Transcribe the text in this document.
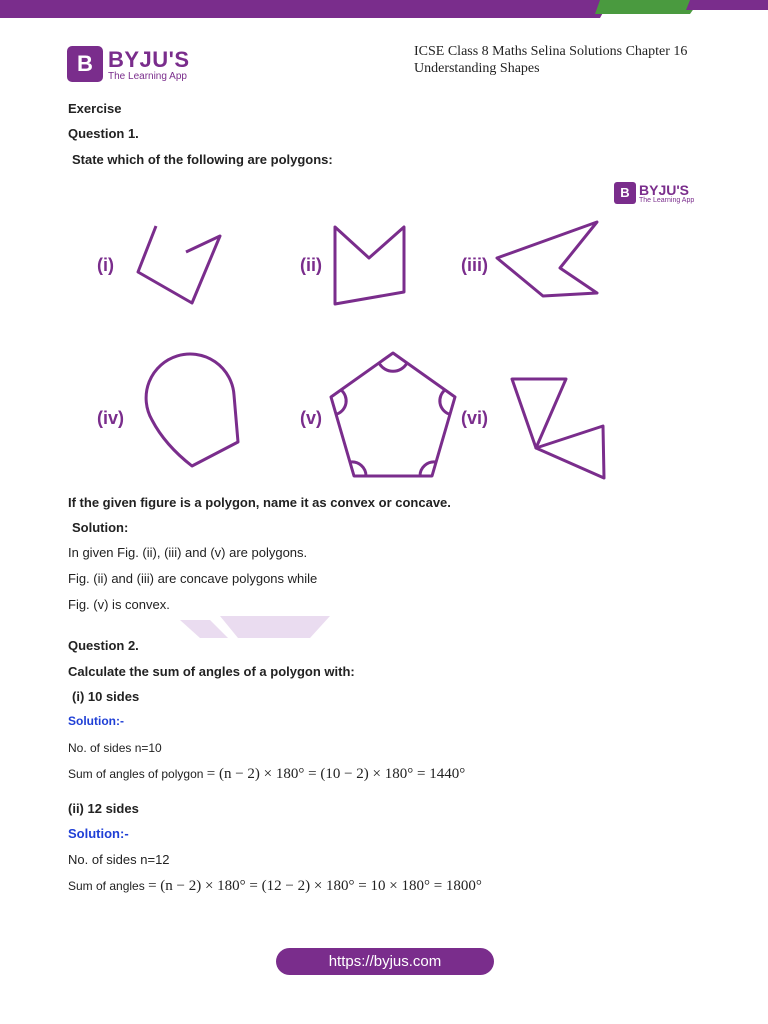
B BYJU'S
The Learning App
ICSE Class 8 Maths Selina Solutions Chapter 16
Understanding Shapes
Exercise
Question 1.
State which of the following are polygons:
B BYJU'S
The Learning App
(i)	(ii)	(iii)
(iv)	(v)	(vi)
If the given figure is a polygon, name it as convex or concave.
Solution:
In given Fig. (ii), (iii) and (v) are polygons.
Fig. (ii) and (iii) are concave polygons while
Fig. (v) is convex.
Question 2.
Calculate the sum of angles of a polygon with:
(i) 10 sides
Solution:-
No. of sides n=10
Sum of angles of polygon = (n − 2) × 180° = (10 − 2) × 180° = 1440°
(ii) 12 sides
Solution:-
No. of sides n=12
Sum of angles = (n − 2) × 180° = (12 − 2) × 180° = 10 × 180° = 1800°
https://byjus.com
